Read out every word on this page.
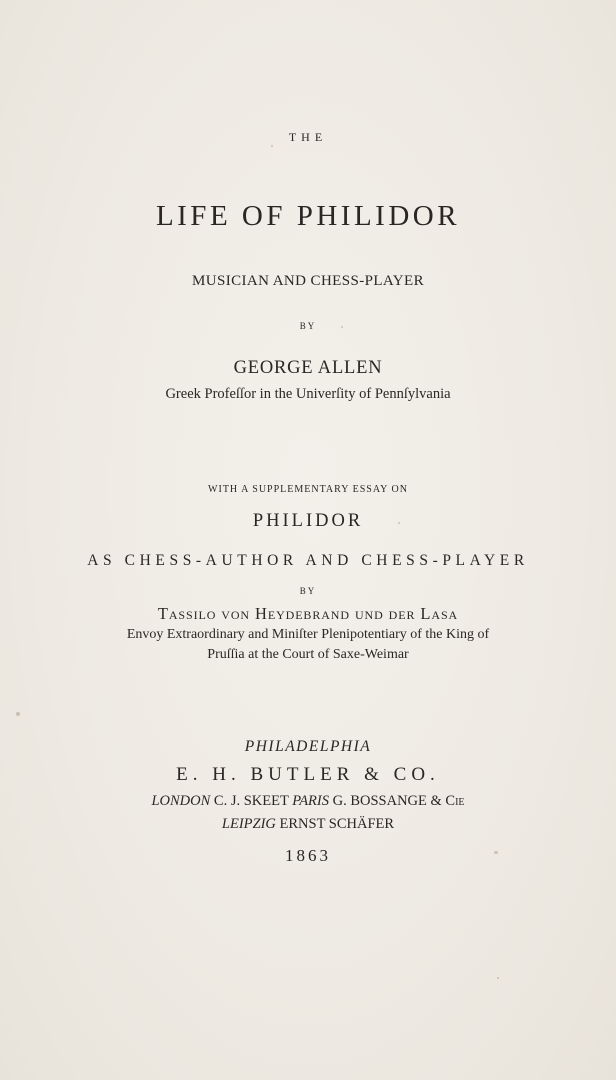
THE
LIFE OF PHILIDOR
MUSICIAN AND CHESS-PLAYER
BY
GEORGE ALLEN
Greek Profeſſor in the Univerſity of Pennſylvania
WITH A SUPPLEMENTARY ESSAY ON
PHILIDOR
AS CHESS-AUTHOR AND CHESS-PLAYER
BY
Tassilo von Heydebrand und der Lasa
Envoy Extraordinary and Miniſter Plenipotentiary of the King of
Pruſſia at the Court of Saxe-Weimar
PHILADELPHIA
E. H. BUTLER & CO.
LONDON C. J. SKEET PARIS G. BOSSANGE & Cie
LEIPZIG ERNST SCHÄFER
1863
